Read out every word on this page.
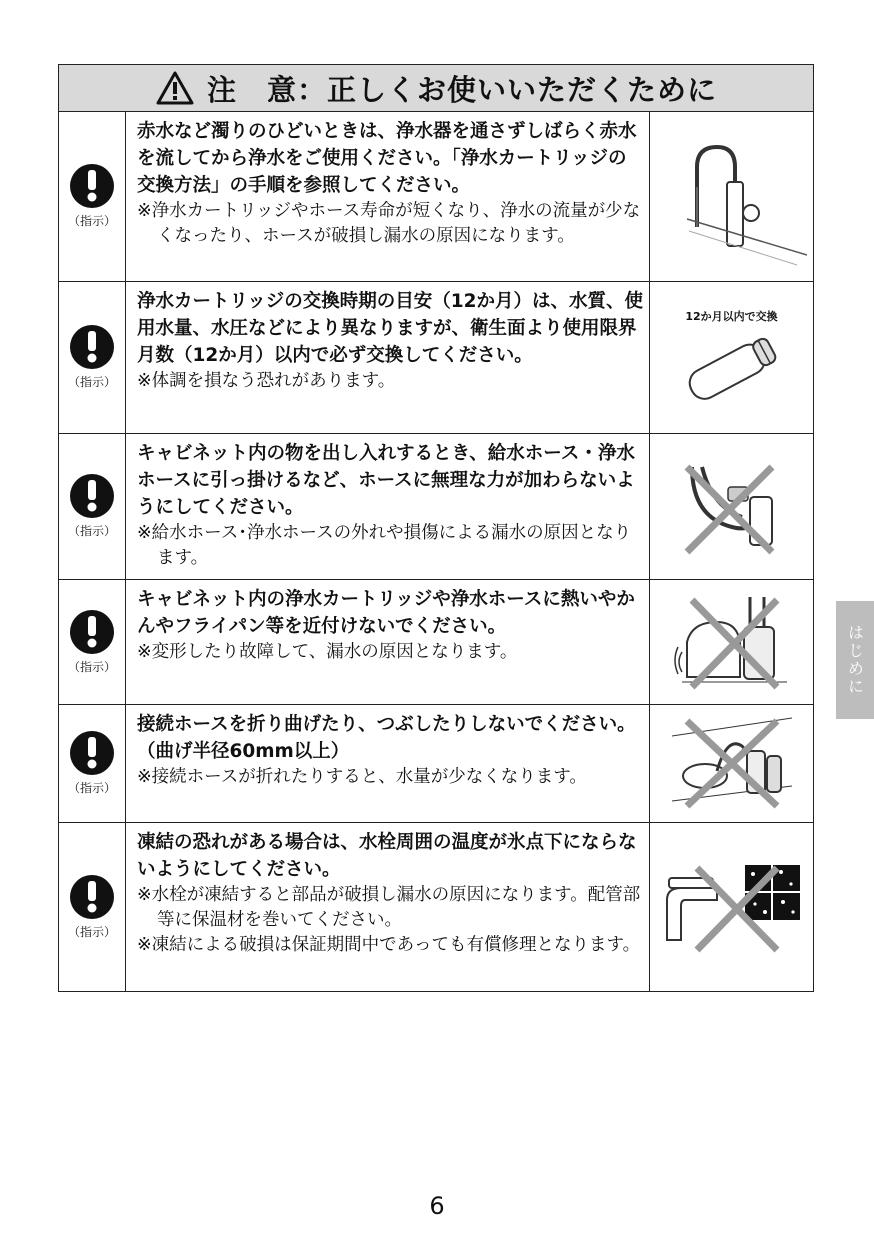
注　意：正しくお使いいただくために
（指示）
赤水など濁りのひどいときは、浄水器を通さずしばらく赤水を流してから浄水をご使用ください。「浄水カートリッジの交換方法」の手順を参照してください。
※浄水カートリッジやホース寿命が短くなり、浄水の流量が少なくなったり、ホースが破損し漏水の原因になります。
（指示）
浄水カートリッジの交換時期の目安（12か月）は、水質、使用水量、水圧などにより異なりますが、衛生面より使用限界月数（12か月）以内で必ず交換してください。
※体調を損なう恐れがあります。
12か月以内で交換
（指示）
キャビネット内の物を出し入れするとき、給水ホース・浄水ホースに引っ掛けるなど、ホースに無理な力が加わらないようにしてください。
※給水ホース･浄水ホースの外れや損傷による漏水の原因となります。
（指示）
キャビネット内の浄水カートリッジや浄水ホースに熱いやかんやフライパン等を近付けないでください。
※変形したり故障して、漏水の原因となります。
（指示）
接続ホースを折り曲げたり、つぶしたりしないでください。（曲げ半径60mm以上）
※接続ホースが折れたりすると、水量が少なくなります。
（指示）
凍結の恐れがある場合は、水栓周囲の温度が氷点下にならないようにしてください。
※水栓が凍結すると部品が破損し漏水の原因になります。配管部等に保温材を巻いてください。
※凍結による破損は保証期間中であっても有償修理となります。
はじめに
6
